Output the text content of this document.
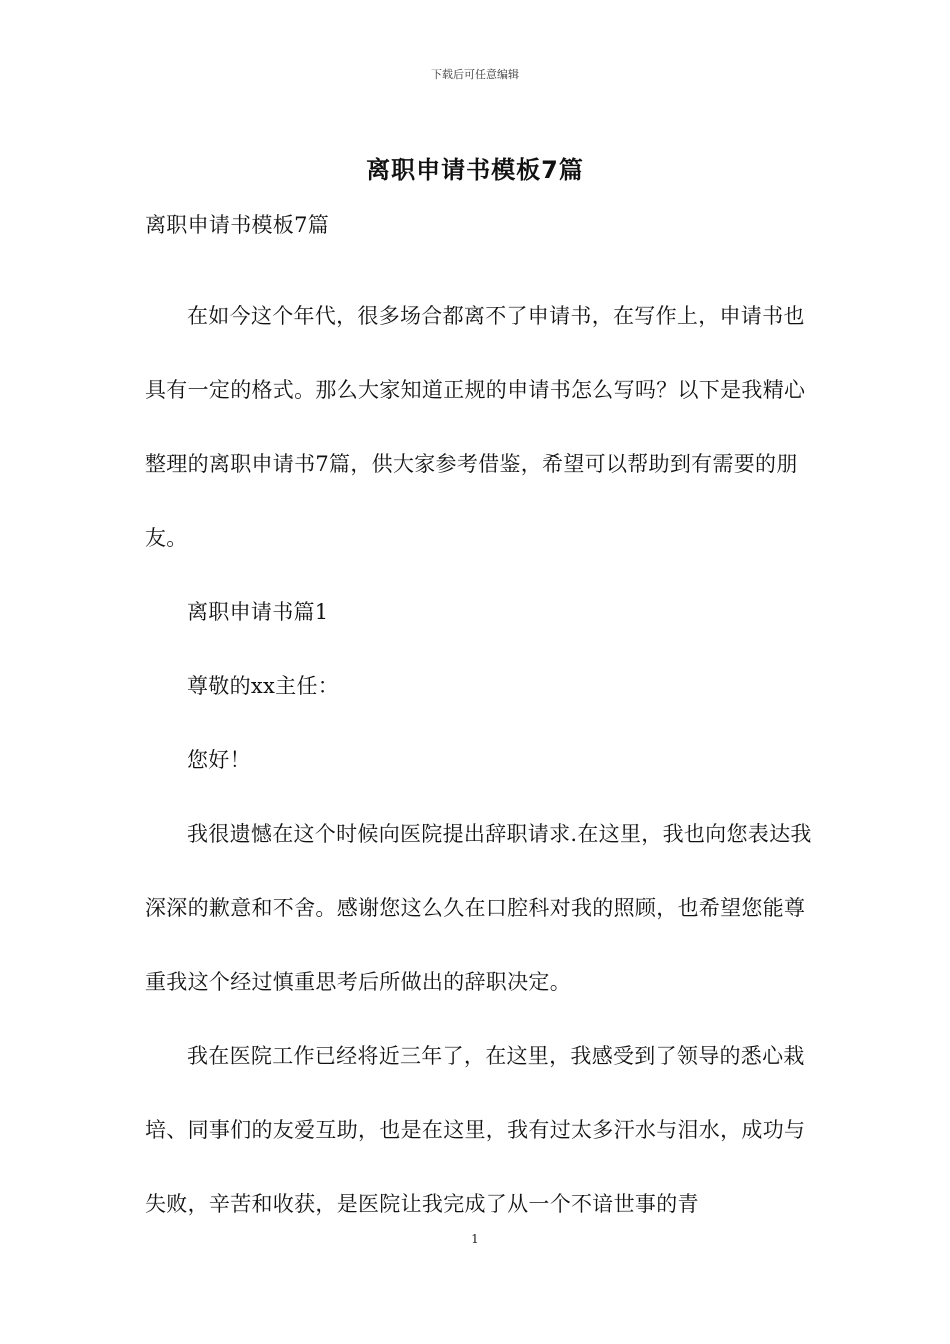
下载后可任意编辑
离职申请书模板7篇

离职申请书模板7篇

在如今这个年代，很多场合都离不了申请书，在写作上，申请书也具有一定的格式。那么大家知道正规的申请书怎么写吗？以下是我精心整理的离职申请书7篇，供大家参考借鉴，希望可以帮助到有需要的朋友。

离职申请书篇1

尊敬的xx主任：

您好！

我很遗憾在这个时候向医院提出辞职请求.在这里，我也向您表达我深深的歉意和不舍。感谢您这么久在口腔科对我的照顾，也希望您能尊重我这个经过慎重思考后所做出的辞职决定。

我在医院工作已经将近三年了，在这里，我感受到了领导的悉心栽培、同事们的友爱互助，也是在这里，我有过太多汗水与泪水，成功与失败，辛苦和收获，是医院让我完成了从一个不谙世事的青

1
